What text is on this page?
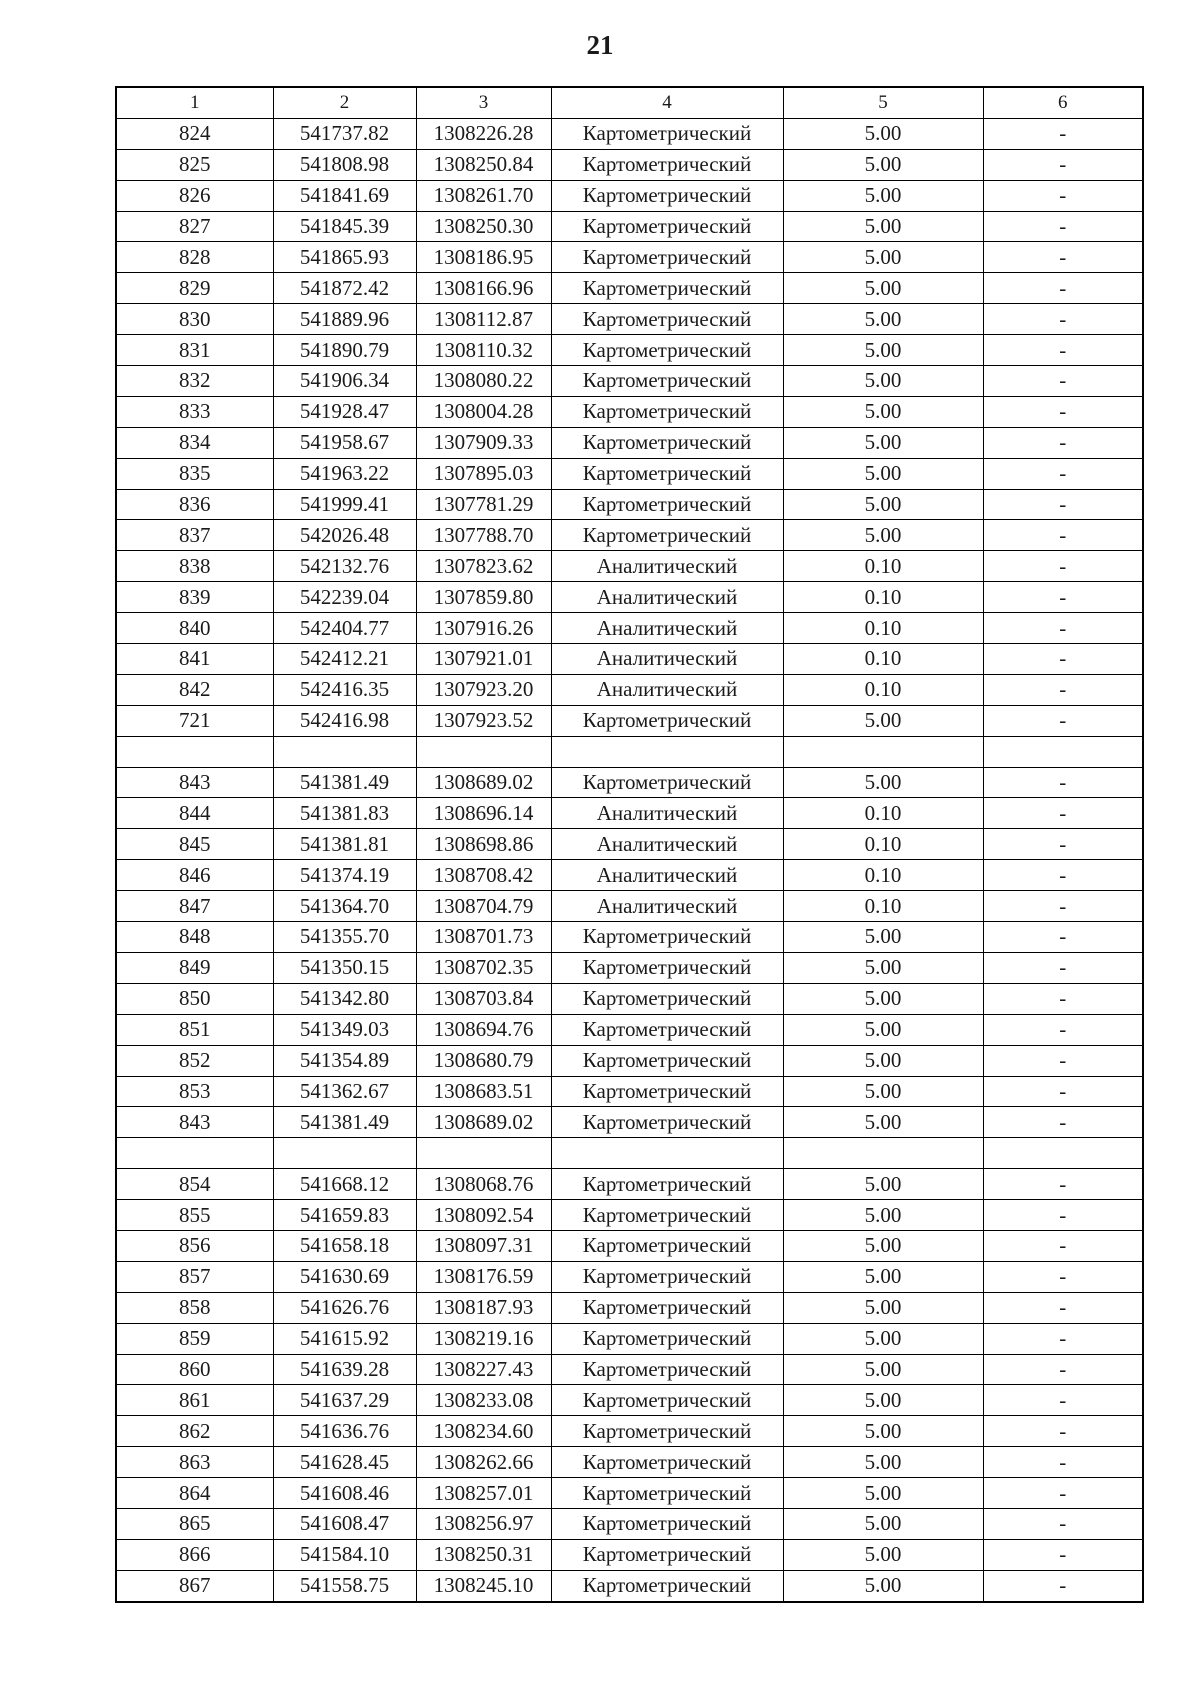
21
1	2	3	4	5	6
824	541737.82	1308226.28	Картометрический	5.00	-
825	541808.98	1308250.84	Картометрический	5.00	-
826	541841.69	1308261.70	Картометрический	5.00	-
827	541845.39	1308250.30	Картометрический	5.00	-
828	541865.93	1308186.95	Картометрический	5.00	-
829	541872.42	1308166.96	Картометрический	5.00	-
830	541889.96	1308112.87	Картометрический	5.00	-
831	541890.79	1308110.32	Картометрический	5.00	-
832	541906.34	1308080.22	Картометрический	5.00	-
833	541928.47	1308004.28	Картометрический	5.00	-
834	541958.67	1307909.33	Картометрический	5.00	-
835	541963.22	1307895.03	Картометрический	5.00	-
836	541999.41	1307781.29	Картометрический	5.00	-
837	542026.48	1307788.70	Картометрический	5.00	-
838	542132.76	1307823.62	Аналитический	0.10	-
839	542239.04	1307859.80	Аналитический	0.10	-
840	542404.77	1307916.26	Аналитический	0.10	-
841	542412.21	1307921.01	Аналитический	0.10	-
842	542416.35	1307923.20	Аналитический	0.10	-
721	542416.98	1307923.52	Картометрический	5.00	-

843	541381.49	1308689.02	Картометрический	5.00	-
844	541381.83	1308696.14	Аналитический	0.10	-
845	541381.81	1308698.86	Аналитический	0.10	-
846	541374.19	1308708.42	Аналитический	0.10	-
847	541364.70	1308704.79	Аналитический	0.10	-
848	541355.70	1308701.73	Картометрический	5.00	-
849	541350.15	1308702.35	Картометрический	5.00	-
850	541342.80	1308703.84	Картометрический	5.00	-
851	541349.03	1308694.76	Картометрический	5.00	-
852	541354.89	1308680.79	Картометрический	5.00	-
853	541362.67	1308683.51	Картометрический	5.00	-
843	541381.49	1308689.02	Картометрический	5.00	-

854	541668.12	1308068.76	Картометрический	5.00	-
855	541659.83	1308092.54	Картометрический	5.00	-
856	541658.18	1308097.31	Картометрический	5.00	-
857	541630.69	1308176.59	Картометрический	5.00	-
858	541626.76	1308187.93	Картометрический	5.00	-
859	541615.92	1308219.16	Картометрический	5.00	-
860	541639.28	1308227.43	Картометрический	5.00	-
861	541637.29	1308233.08	Картометрический	5.00	-
862	541636.76	1308234.60	Картометрический	5.00	-
863	541628.45	1308262.66	Картометрический	5.00	-
864	541608.46	1308257.01	Картометрический	5.00	-
865	541608.47	1308256.97	Картометрический	5.00	-
866	541584.10	1308250.31	Картометрический	5.00	-
867	541558.75	1308245.10	Картометрический	5.00	-
